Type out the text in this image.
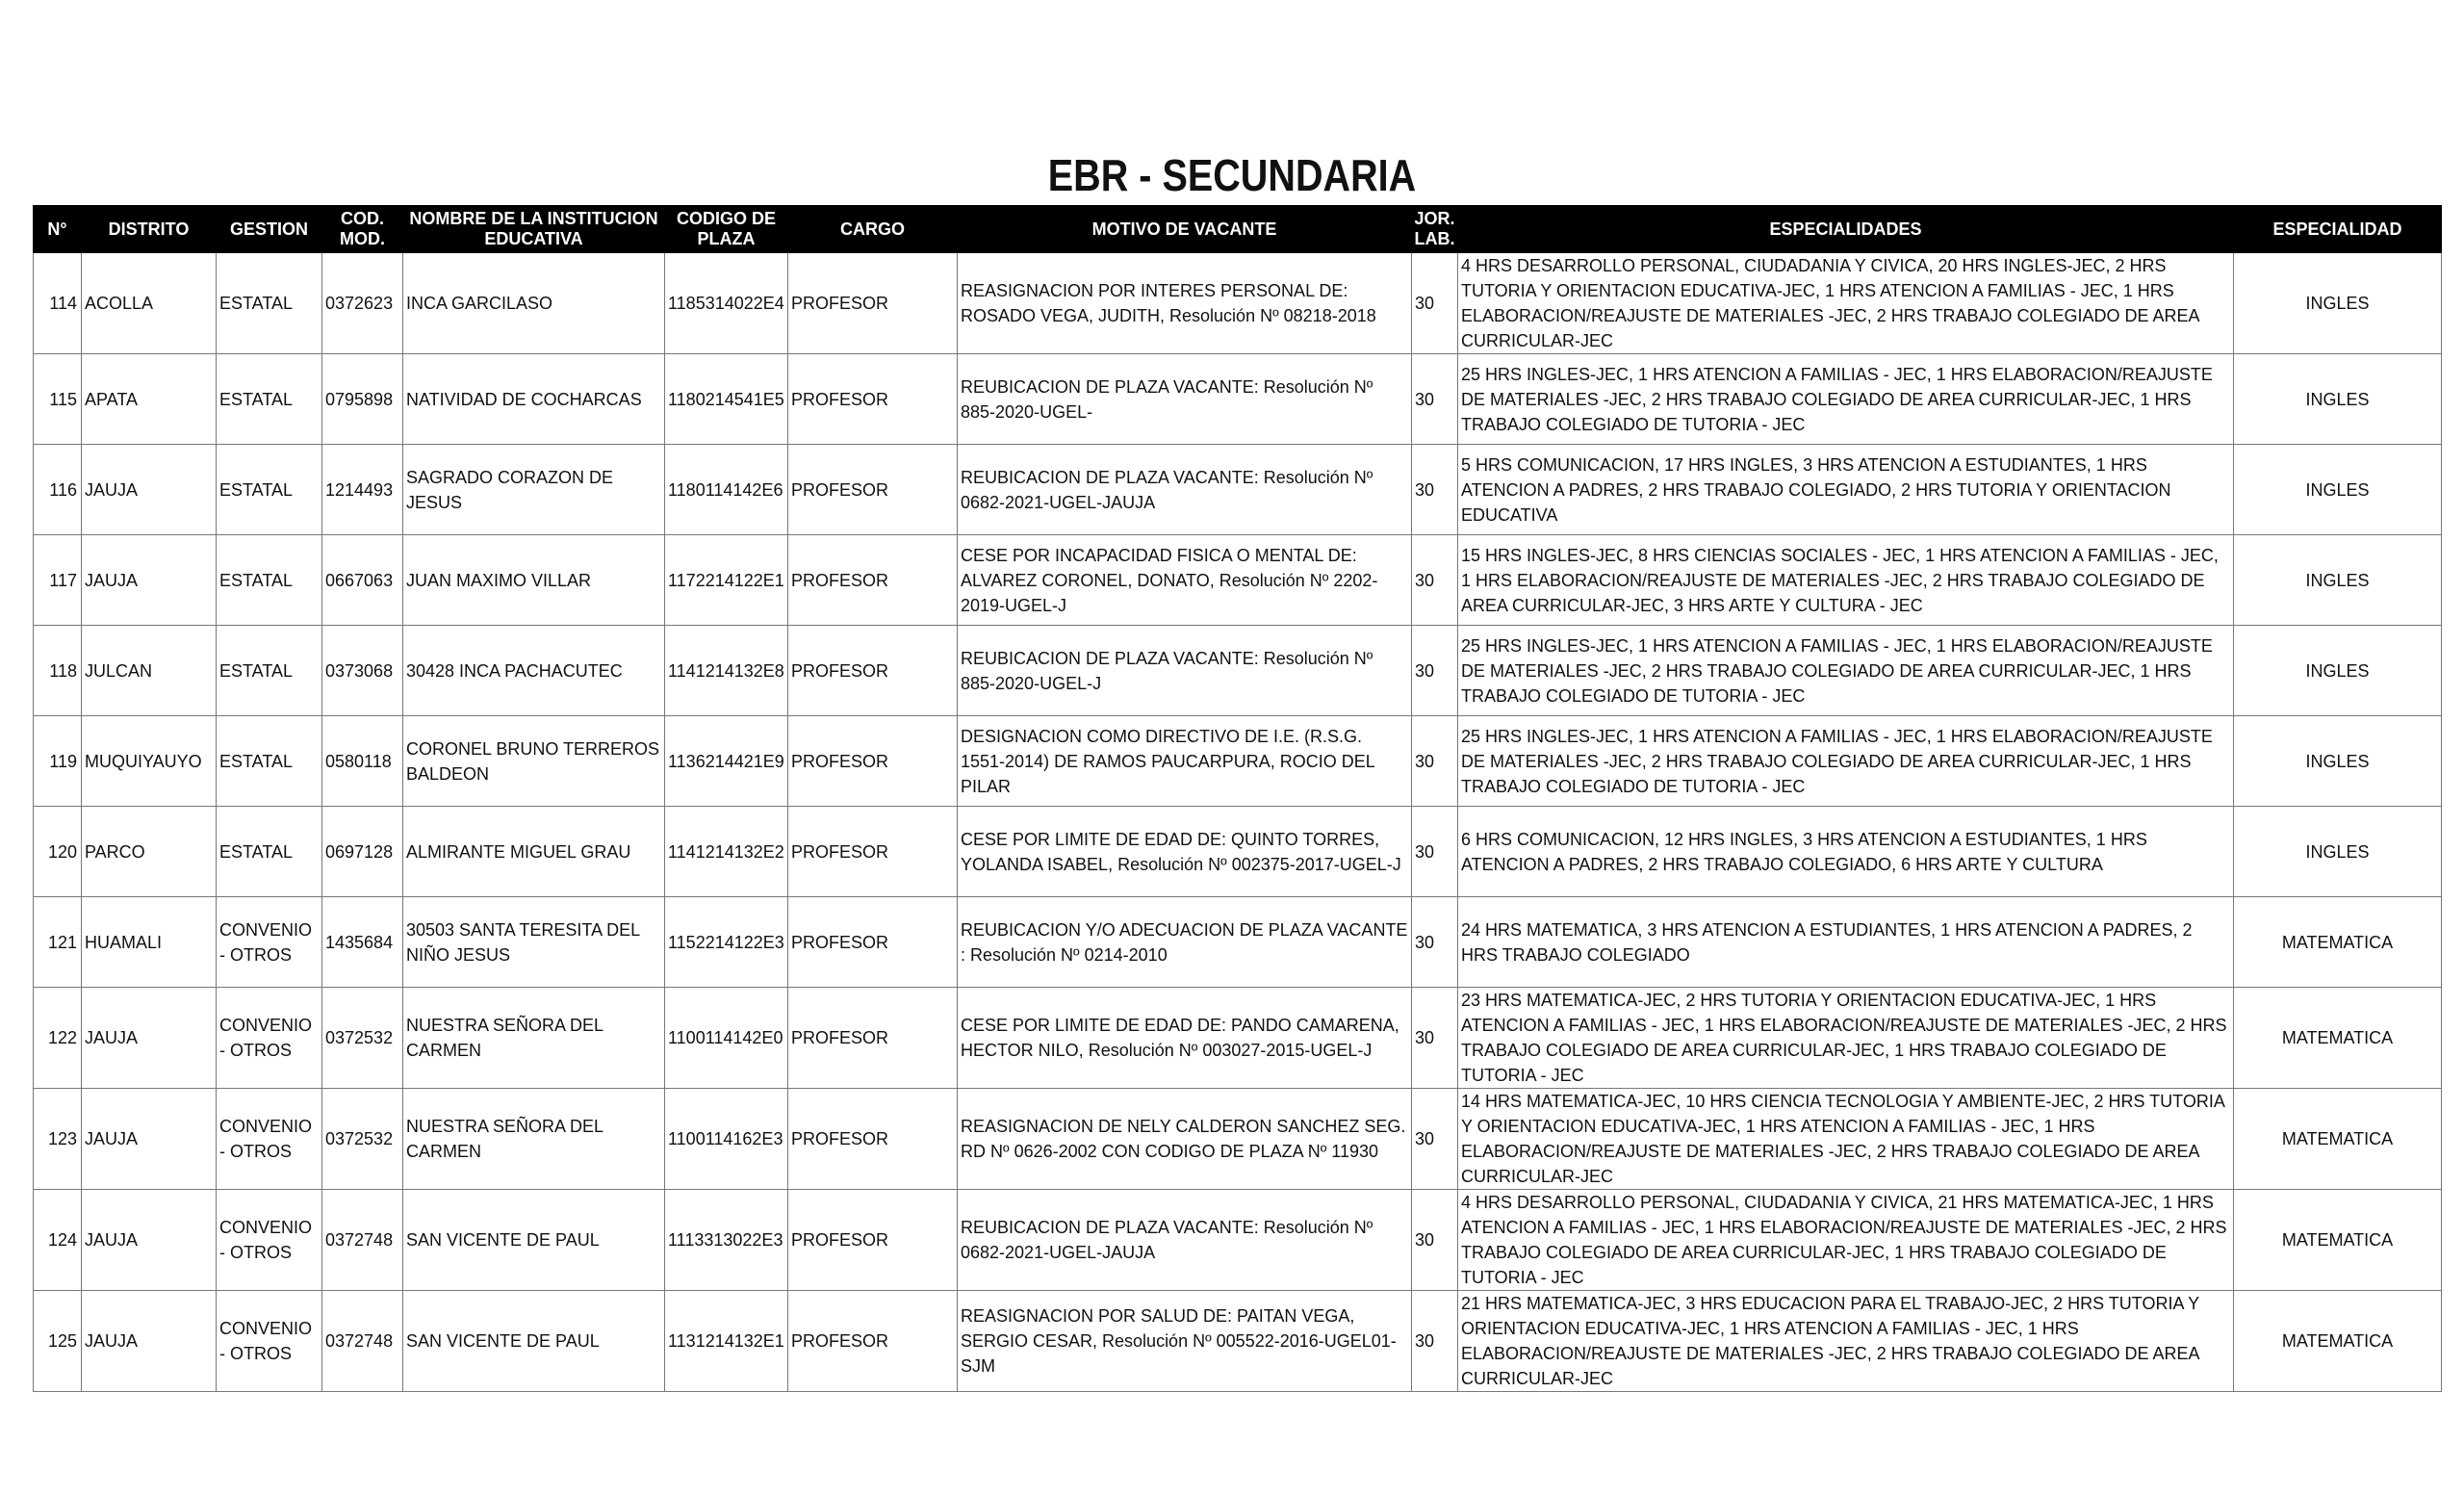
EBR - SECUNDARIA
N°	DISTRITO	GESTION	COD. MOD.	NOMBRE DE LA INSTITUCION EDUCATIVA	CODIGO DE PLAZA	CARGO	MOTIVO DE VACANTE	JOR. LAB.	ESPECIALIDADES	ESPECIALIDAD
114	ACOLLA	ESTATAL	0372623	INCA GARCILASO	1185314022E4	PROFESOR	REASIGNACION POR INTERES PERSONAL DE: ROSADO VEGA, JUDITH, Resolución Nº 08218-2018	30	4 HRS DESARROLLO PERSONAL, CIUDADANIA Y CIVICA, 20 HRS INGLES-JEC, 2 HRS TUTORIA Y ORIENTACION EDUCATIVA-JEC, 1 HRS ATENCION A FAMILIAS - JEC, 1 HRS ELABORACION/REAJUSTE DE MATERIALES -JEC, 2 HRS TRABAJO COLEGIADO DE AREA CURRICULAR-JEC	INGLES
115	APATA	ESTATAL	0795898	NATIVIDAD DE COCHARCAS	1180214541E5	PROFESOR	REUBICACION DE PLAZA VACANTE: Resolución Nº 885-2020-UGEL-	30	25 HRS INGLES-JEC, 1 HRS ATENCION A FAMILIAS - JEC, 1 HRS ELABORACION/REAJUSTE DE MATERIALES -JEC, 2 HRS TRABAJO COLEGIADO DE AREA CURRICULAR-JEC, 1 HRS TRABAJO COLEGIADO DE TUTORIA - JEC	INGLES
116	JAUJA	ESTATAL	1214493	SAGRADO CORAZON DE JESUS	1180114142E6	PROFESOR	REUBICACION DE PLAZA VACANTE: Resolución Nº 0682-2021-UGEL-JAUJA	30	5 HRS COMUNICACION, 17 HRS INGLES, 3 HRS ATENCION A ESTUDIANTES, 1 HRS ATENCION A PADRES, 2 HRS TRABAJO COLEGIADO, 2 HRS TUTORIA Y ORIENTACION EDUCATIVA	INGLES
117	JAUJA	ESTATAL	0667063	JUAN MAXIMO VILLAR	1172214122E1	PROFESOR	CESE POR INCAPACIDAD FISICA O MENTAL DE: ALVAREZ CORONEL, DONATO, Resolución Nº 2202-2019-UGEL-J	30	15 HRS INGLES-JEC, 8 HRS CIENCIAS SOCIALES - JEC, 1 HRS ATENCION A FAMILIAS - JEC, 1 HRS ELABORACION/REAJUSTE DE MATERIALES -JEC, 2 HRS TRABAJO COLEGIADO DE AREA CURRICULAR-JEC, 3 HRS ARTE Y CULTURA - JEC	INGLES
118	JULCAN	ESTATAL	0373068	30428 INCA PACHACUTEC	1141214132E8	PROFESOR	REUBICACION DE PLAZA VACANTE: Resolución Nº 885-2020-UGEL-J	30	25 HRS INGLES-JEC, 1 HRS ATENCION A FAMILIAS - JEC, 1 HRS ELABORACION/REAJUSTE DE MATERIALES -JEC, 2 HRS TRABAJO COLEGIADO DE AREA CURRICULAR-JEC, 1 HRS TRABAJO COLEGIADO DE TUTORIA - JEC	INGLES
119	MUQUIYAUYO	ESTATAL	0580118	CORONEL BRUNO TERREROS BALDEON	1136214421E9	PROFESOR	DESIGNACION COMO DIRECTIVO DE I.E. (R.S.G. 1551-2014) DE RAMOS PAUCARPURA, ROCIO DEL PILAR	30	25 HRS INGLES-JEC, 1 HRS ATENCION A FAMILIAS - JEC, 1 HRS ELABORACION/REAJUSTE DE MATERIALES -JEC, 2 HRS TRABAJO COLEGIADO DE AREA CURRICULAR-JEC, 1 HRS TRABAJO COLEGIADO DE TUTORIA - JEC	INGLES
120	PARCO	ESTATAL	0697128	ALMIRANTE MIGUEL GRAU	1141214132E2	PROFESOR	CESE POR LIMITE DE EDAD DE: QUINTO TORRES, YOLANDA ISABEL, Resolución Nº 002375-2017-UGEL-J	30	6 HRS COMUNICACION, 12 HRS INGLES, 3 HRS ATENCION A ESTUDIANTES, 1 HRS ATENCION A PADRES, 2 HRS TRABAJO COLEGIADO, 6 HRS ARTE Y CULTURA	INGLES
121	HUAMALI	CONVENIO - OTROS	1435684	30503 SANTA TERESITA DEL NIÑO JESUS	1152214122E3	PROFESOR	REUBICACION Y/O ADECUACION DE PLAZA VACANTE : Resolución Nº 0214-2010	30	24 HRS MATEMATICA, 3 HRS ATENCION A ESTUDIANTES, 1 HRS ATENCION A PADRES, 2 HRS TRABAJO COLEGIADO	MATEMATICA
122	JAUJA	CONVENIO - OTROS	0372532	NUESTRA SEÑORA DEL CARMEN	1100114142E0	PROFESOR	CESE POR LIMITE DE EDAD DE: PANDO CAMARENA, HECTOR NILO, Resolución Nº 003027-2015-UGEL-J	30	23 HRS MATEMATICA-JEC, 2 HRS TUTORIA Y ORIENTACION EDUCATIVA-JEC, 1 HRS ATENCION A FAMILIAS - JEC, 1 HRS ELABORACION/REAJUSTE DE MATERIALES -JEC, 2 HRS TRABAJO COLEGIADO DE AREA CURRICULAR-JEC, 1 HRS TRABAJO COLEGIADO DE TUTORIA - JEC	MATEMATICA
123	JAUJA	CONVENIO - OTROS	0372532	NUESTRA SEÑORA DEL CARMEN	1100114162E3	PROFESOR	REASIGNACION DE NELY CALDERON SANCHEZ SEG. RD Nº 0626-2002 CON CODIGO DE PLAZA Nº 11930	30	14 HRS MATEMATICA-JEC, 10 HRS CIENCIA TECNOLOGIA Y AMBIENTE-JEC, 2 HRS TUTORIA Y ORIENTACION EDUCATIVA-JEC, 1 HRS ATENCION A FAMILIAS - JEC, 1 HRS ELABORACION/REAJUSTE DE MATERIALES -JEC, 2 HRS TRABAJO COLEGIADO DE AREA CURRICULAR-JEC	MATEMATICA
124	JAUJA	CONVENIO - OTROS	0372748	SAN VICENTE DE PAUL	1113313022E3	PROFESOR	REUBICACION DE PLAZA VACANTE: Resolución Nº 0682-2021-UGEL-JAUJA	30	4 HRS DESARROLLO PERSONAL, CIUDADANIA Y CIVICA, 21 HRS MATEMATICA-JEC, 1 HRS ATENCION A FAMILIAS - JEC, 1 HRS ELABORACION/REAJUSTE DE MATERIALES -JEC, 2 HRS TRABAJO COLEGIADO DE AREA CURRICULAR-JEC, 1 HRS TRABAJO COLEGIADO DE TUTORIA - JEC	MATEMATICA
125	JAUJA	CONVENIO - OTROS	0372748	SAN VICENTE DE PAUL	1131214132E1	PROFESOR	REASIGNACION POR SALUD DE: PAITAN VEGA, SERGIO CESAR, Resolución Nº 005522-2016-UGEL01-SJM	30	21 HRS MATEMATICA-JEC, 3 HRS EDUCACION PARA EL TRABAJO-JEC, 2 HRS TUTORIA Y ORIENTACION EDUCATIVA-JEC, 1 HRS ATENCION A FAMILIAS - JEC, 1 HRS ELABORACION/REAJUSTE DE MATERIALES -JEC, 2 HRS TRABAJO COLEGIADO DE AREA CURRICULAR-JEC	MATEMATICA
